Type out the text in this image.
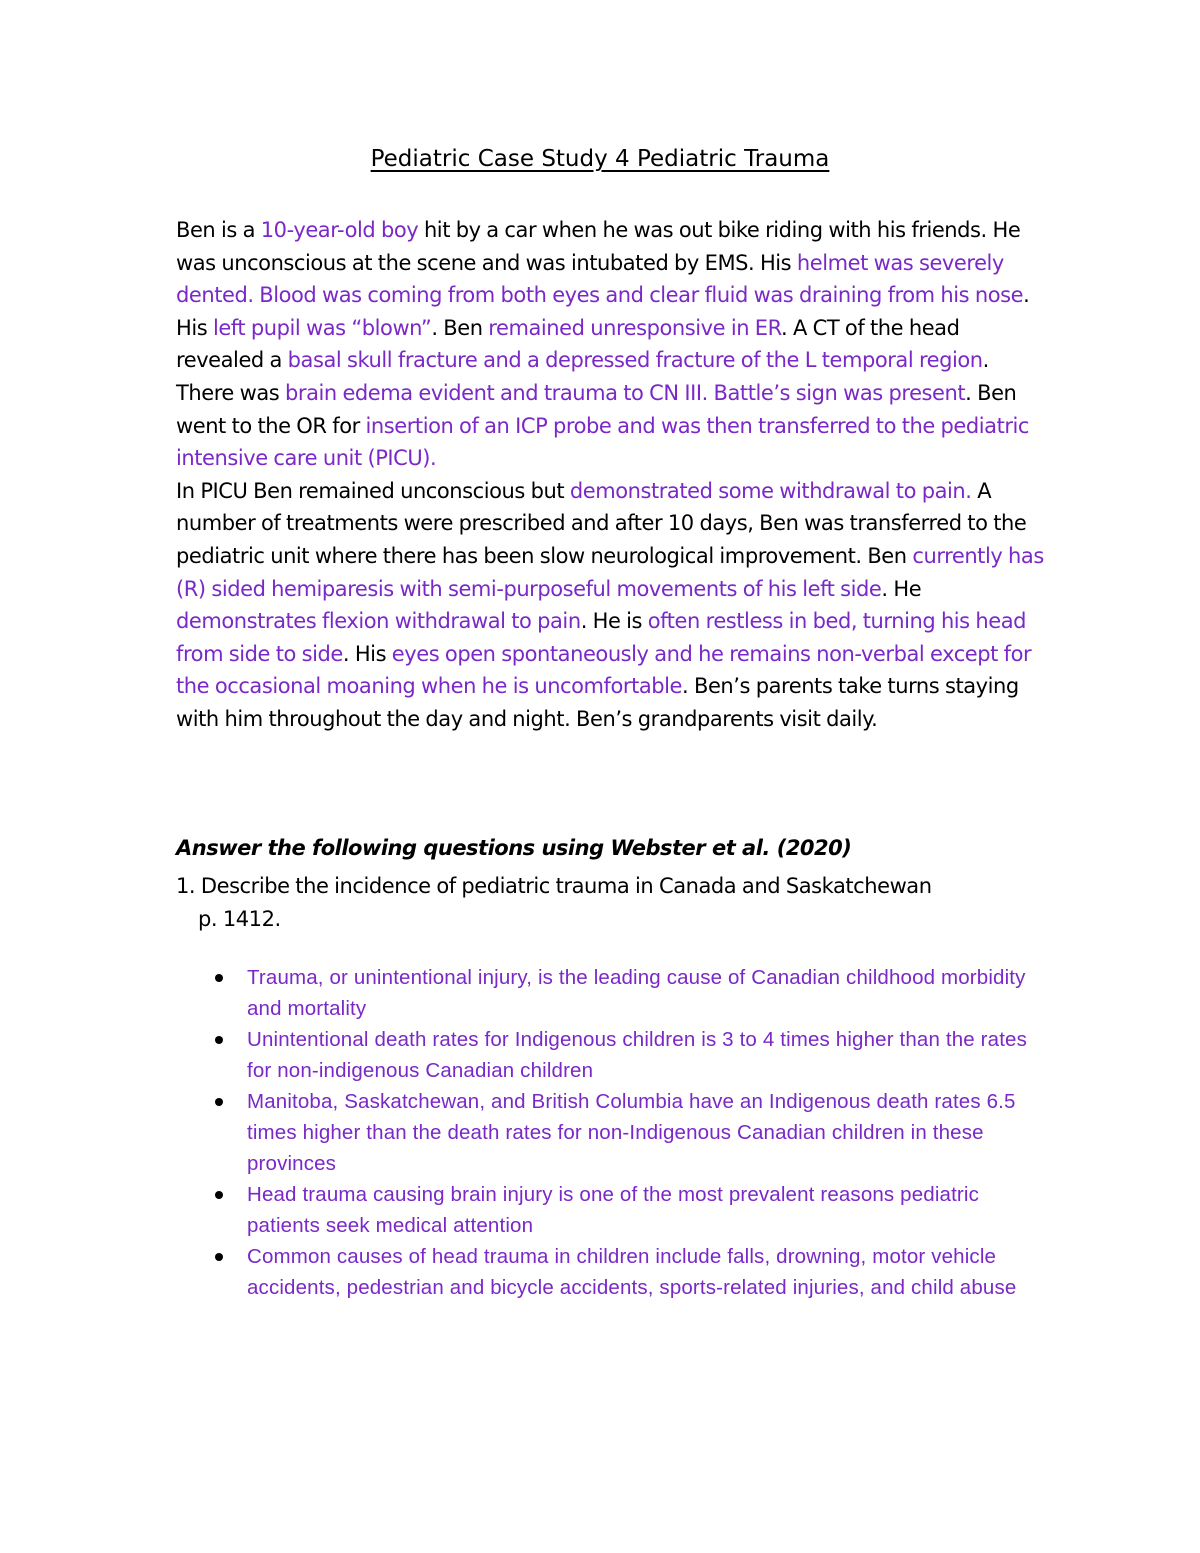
Pediatric Case Study 4 Pediatric Trauma

Ben is a 10-year-old boy hit by a car when he was out bike riding with his friends. He was unconscious at the scene and was intubated by EMS. His helmet was severely dented. Blood was coming from both eyes and clear fluid was draining from his nose. His left pupil was “blown”. Ben remained unresponsive in ER. A CT of the head revealed a basal skull fracture and a depressed fracture of the L temporal region. There was brain edema evident and trauma to CN III. Battle’s sign was present. Ben went to the OR for insertion of an ICP probe and was then transferred to the pediatric intensive care unit (PICU).

In PICU Ben remained unconscious but demonstrated some withdrawal to pain. A number of treatments were prescribed and after 10 days, Ben was transferred to the pediatric unit where there has been slow neurological improvement. Ben currently has (R) sided hemiparesis with semi-purposeful movements of his left side. He demonstrates flexion withdrawal to pain. He is often restless in bed, turning his head from side to side. His eyes open spontaneously and he remains non-verbal except for the occasional moaning when he is uncomfortable. Ben’s parents take turns staying with him throughout the day and night. Ben’s grandparents visit daily.

Answer the following questions using Webster et al. (2020)
1. Describe the incidence of pediatric trauma in Canada and Saskatchewan
p. 1412.
Trauma, or unintentional injury, is the leading cause of Canadian childhood morbidity and mortality
Unintentional death rates for Indigenous children is 3 to 4 times higher than the rates for non-indigenous Canadian children
Manitoba, Saskatchewan, and British Columbia have an Indigenous death rates 6.5 times higher than the death rates for non-Indigenous Canadian children in these provinces
Head trauma causing brain injury is one of the most prevalent reasons pediatric patients seek medical attention
Common causes of head trauma in children include falls, drowning, motor vehicle accidents, pedestrian and bicycle accidents, sports-related injuries, and child abuse
